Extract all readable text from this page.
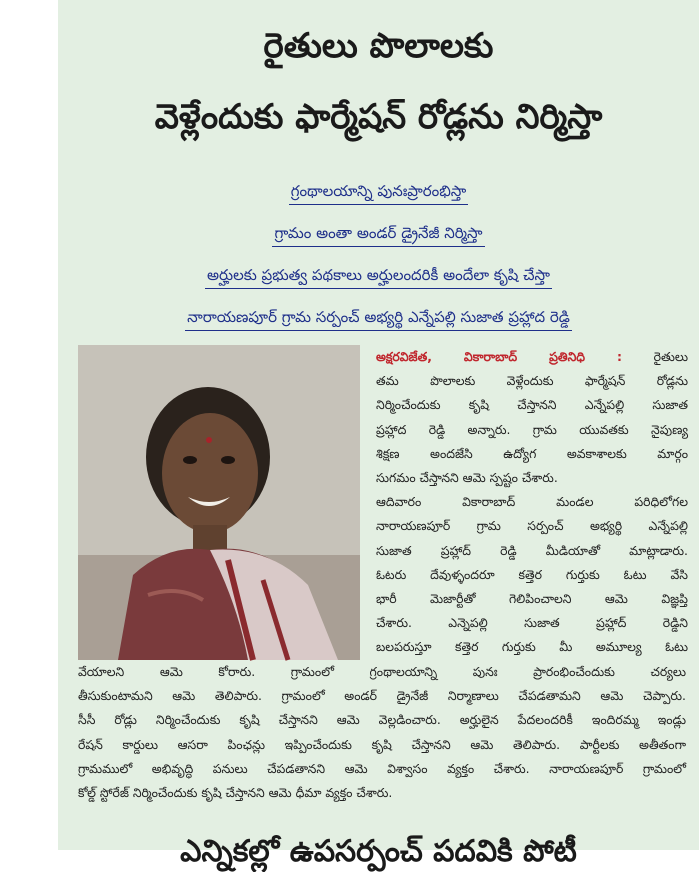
రైతులు పొలాలకు
వెళ్లేందుకు ఫార్మేషన్ రోడ్లను నిర్మిస్తా
గ్రంథాలయాన్ని పునఃప్రారంభిస్తా
గ్రామం అంతా అండర్ డ్రైనేజీ నిర్మిస్తా
అర్హులకు ప్రభుత్వ పథకాలు అర్హులందరికీ అందేలా కృషి చేస్తా
నారాయణపూర్ గ్రామ సర్పంచ్ అభ్యర్థి ఎన్నేపల్లి సుజాత ప్రహ్లాద రెడ్డి
అక్షరవిజేత, వికారాబాద్ ప్రతినిధి :	రైతులు
తమ పొలాలకు వెళ్లేందుకు ఫార్మేషన్ రోడ్లను
నిర్మించేందుకు కృషి చేస్తానని ఎన్నేపల్లి సుజాత
ప్రహ్లాద రెడ్డి అన్నారు. గ్రామ యువతకు నైపుణ్య
శిక్షణ అందజేసి ఉద్యోగ అవకాశాలకు మార్గం
సుగమం చేస్తానని ఆమె స్పష్టం చేశారు.
ఆదివారం వికారాబాద్ మండల పరిధిలోగల
నారాయణపూర్ గ్రామ సర్పంచ్ అభ్యర్థి ఎన్నేపల్లి
సుజాత ప్రహ్లాద్ రెడ్డి మీడియాతో మాట్లాడారు.
ఓటరు దేవుళ్ళందరూ కత్తెర గుర్తుకు ఓటు వేసి
భారీ మెజార్టీతో గెలిపించాలని ఆమె విజ్ఞప్తి
చేశారు. ఎన్నెపల్లి సుజాత ప్రహ్లాద్ రెడ్డిని
బలపరుస్తూ కత్తెర గుర్తుకు మీ అమూల్య ఓటు
వేయాలని ఆమె కోరారు. గ్రామంలో గ్రంథాలయాన్ని పునః ప్రారంభించేందుకు చర్యలు
తీసుకుంటామని ఆమె తెలిపారు. గ్రామంలో అండర్ డ్రైనేజీ నిర్మాణాలు చేపడతామని ఆమె చెప్పారు.
సీసీ రోడ్లు నిర్మించేందుకు కృషి చేస్తానని ఆమె వెల్లడించారు. అర్హులైన పేదలందరికీ ఇందిరమ్మ ఇండ్లు
రేషన్ కార్డులు ఆసరా పింఛన్లు ఇప్పించేందుకు కృషి చేస్తానని ఆమె తెలిపారు. పార్టీలకు అతీతంగా
గ్రామములో అభివృద్ధి పనులు చేపడతానని ఆమె విశ్వాసం వ్యక్తం చేశారు. నారాయణపూర్ గ్రామంలో
కోల్డ్ స్టోరేజ్ నిర్మించేందుకు కృషి చేస్తానని ఆమె ధీమా వ్యక్తం చేశారు.
ఎన్నికల్లో ఉపసర్పంచ్ పదవికి పోటీ
